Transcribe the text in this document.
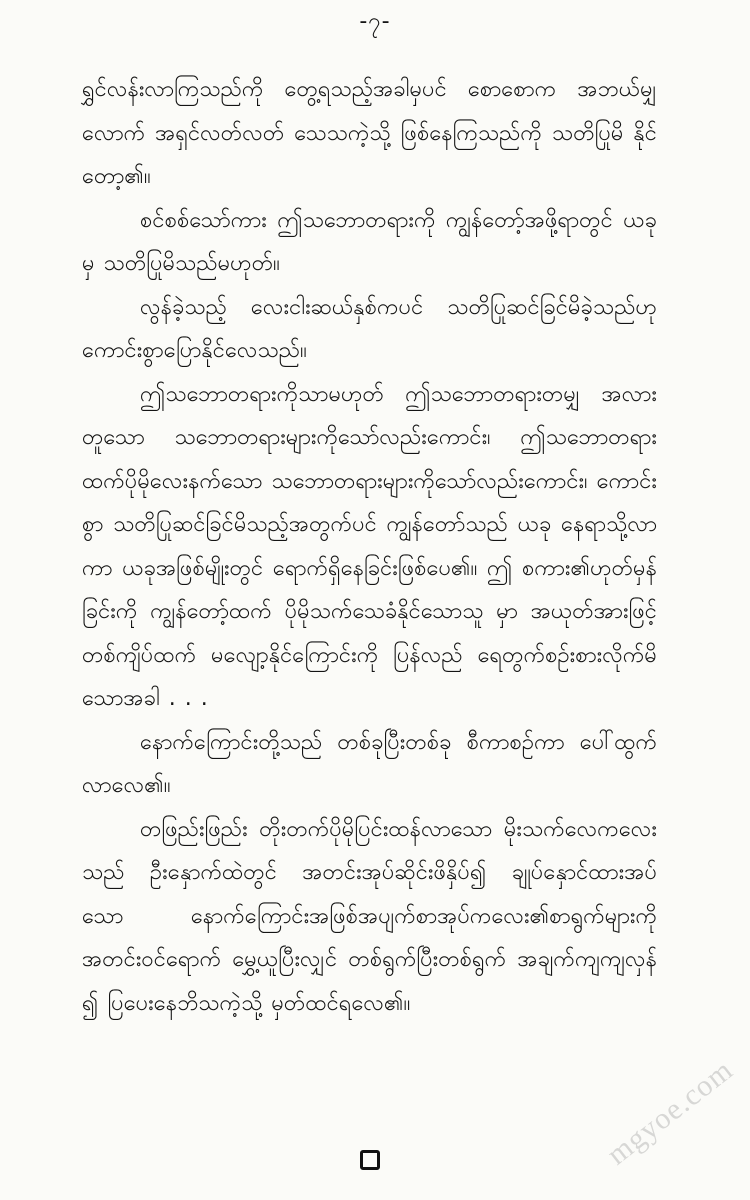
-၇-

ရွှင်လန်းလာကြသည်ကို တွေ့ရသည့်အခါမှပင် စောစောက အဘယ်မျှ လောက် အရှင်လတ်လတ် သေသကဲ့သို့ ဖြစ်နေကြသည်ကို သတိပြုမိ နိုင်တော့၏။

စင်စစ်သော်ကား ဤသဘောတရားကို ကျွန်တော့်အဖို့ရာတွင် ယခု မှ သတိပြုမိသည်မဟုတ်။

လွန်ခဲ့သည့် လေးငါးဆယ်နှစ်ကပင် သတိပြုဆင်ခြင်မိခဲ့သည်ဟု ကောင်းစွာပြောနိုင်လေသည်။

ဤသဘောတရားကိုသာမဟုတ် ဤသဘောတရားတမျှ အလား တူသော သဘောတရားများကိုသော်လည်းကောင်း၊ ဤသဘောတရား ထက်ပိုမိုလေးနက်သော သဘောတရားများကိုသော်လည်းကောင်း၊ ကောင်းစွာ သတိပြုဆင်ခြင်မိသည့်အတွက်ပင် ကျွန်တော်သည် ယခု နေရာသို့လာကာ ယခုအဖြစ်မျိုးတွင် ရောက်ရှိနေခြင်းဖြစ်ပေ၏။ ဤ စကား၏ဟုတ်မှန်ခြင်းကို ကျွန်တော့်ထက် ပိုမိုသက်သေခံနိုင်သောသူ မှာ အယုတ်အားဖြင့် တစ်ကျိပ်ထက် မလျော့နိုင်ကြောင်းကို ပြန်လည် ရေတွက်စဉ်းစားလိုက်မိသောအခါ . . .

နောက်ကြောင်းတို့သည် တစ်ခုပြီးတစ်ခု စီကာစဉ်ကာ ပေါ်ထွက် လာလေ၏။

တဖြည်းဖြည်း တိုးတက်ပိုမိုပြင်းထန်လာသော မိုးသက်လေကလေး သည် ဦးနှောက်ထဲတွင် အတင်းအုပ်ဆိုင်းဖိနှိပ်၍ ချုပ်နှောင်ထားအပ် သော နောက်ကြောင်းအဖြစ်အပျက်စာအုပ်ကလေး၏စာရွက်များကို အတင်းဝင်ရောက် မွှေ့ယူပြီးလျှင် တစ်ရွက်ပြီးတစ်ရွက် အချက်ကျကျလှန် ၍ ပြပေးနေဘိသကဲ့သို့ မှတ်ထင်ရလေ၏။

mgyoe.com
